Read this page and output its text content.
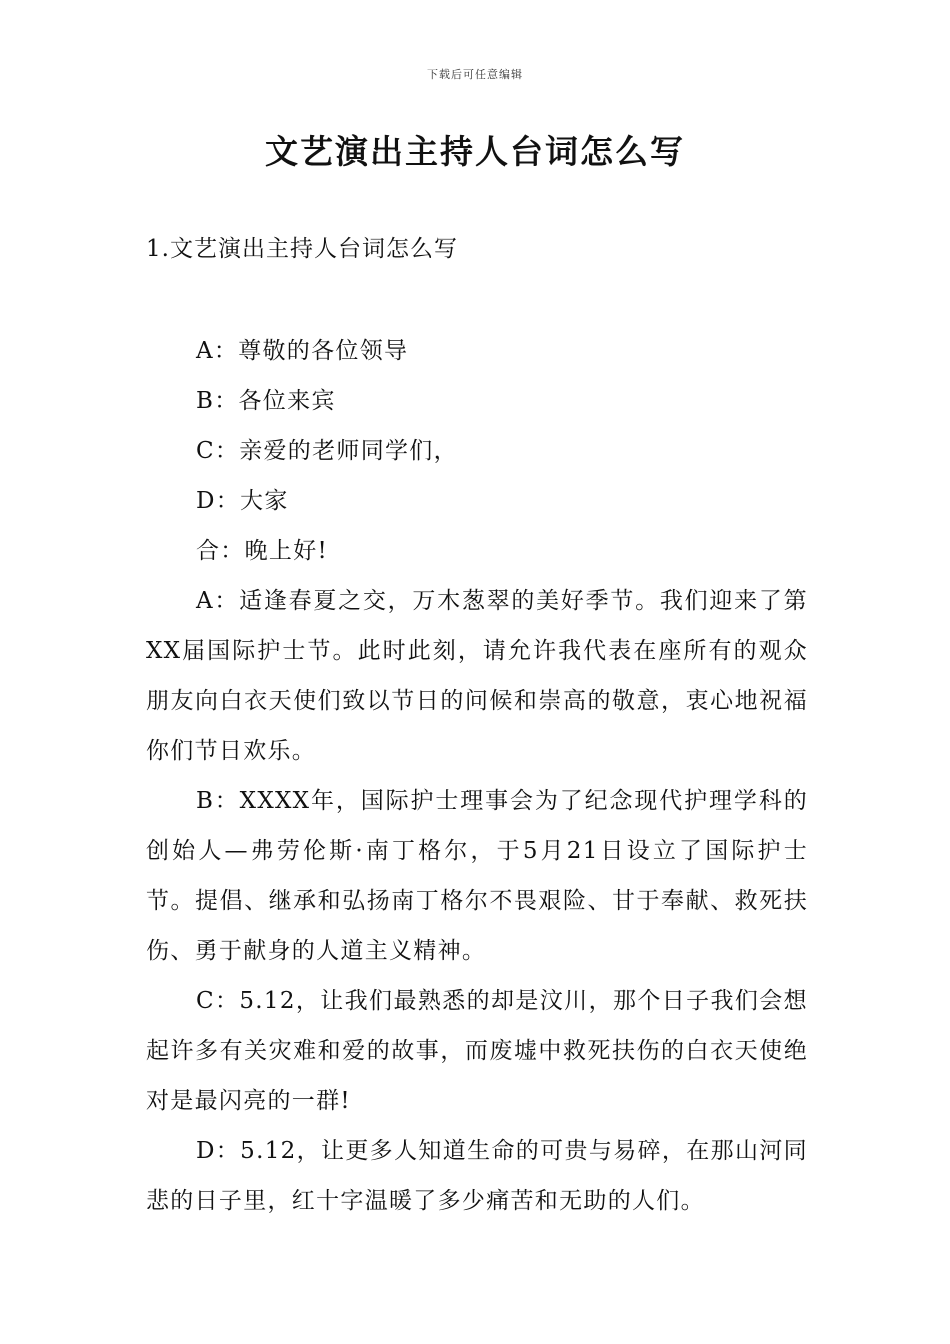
下载后可任意编辑
文艺演出主持人台词怎么写
1.文艺演出主持人台词怎么写

A：尊敬的各位领导

B：各位来宾

C：亲爱的老师同学们，

D：大家

合：晚上好!

A：适逢春夏之交，万木葱翠的美好季节。我们迎来了第XX届国际护士节。此时此刻，请允许我代表在座所有的观众朋友向白衣天使们致以节日的问候和崇高的敬意，衷心地祝福你们节日欢乐。

B：XXXX年，国际护士理事会为了纪念现代护理学科的创始人—弗劳伦斯·南丁格尔，于5月21日设立了国际护士节。提倡、继承和弘扬南丁格尔不畏艰险、甘于奉献、救死扶伤、勇于献身的人道主义精神。

C：5.12，让我们最熟悉的却是汶川，那个日子我们会想起许多有关灾难和爱的故事，而废墟中救死扶伤的白衣天使绝对是最闪亮的一群!

D：5.12，让更多人知道生命的可贵与易碎，在那山河同悲的日子里，红十字温暖了多少痛苦和无助的人们。
